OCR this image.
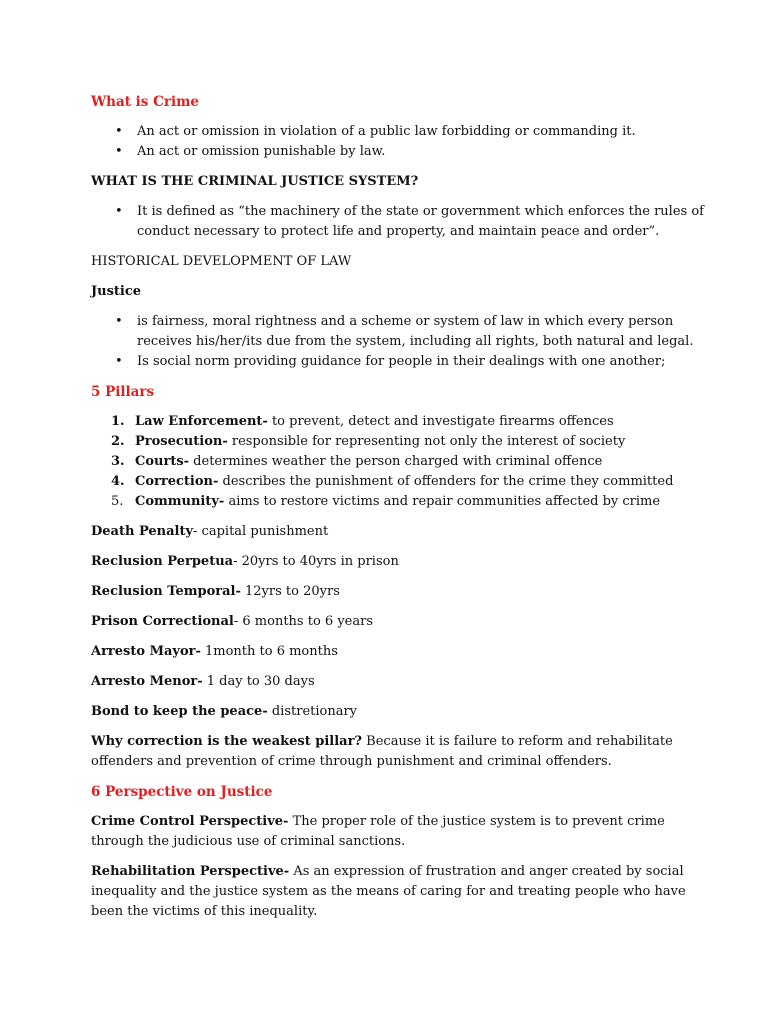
What is Crime
• An act or omission in violation of a public law forbidding or commanding it.
• An act or omission punishable by law.
WHAT IS THE CRIMINAL JUSTICE SYSTEM?
• It is defined as “the machinery of the state or government which enforces the rules of conduct necessary to protect life and property, and maintain peace and order”.
HISTORICAL DEVELOPMENT OF LAW
Justice
• is fairness, moral rightness and a scheme or system of law in which every person receives his/her/its due from the system, including all rights, both natural and legal.
• Is social norm providing guidance for people in their dealings with one another;
5 Pillars
1. Law Enforcement- to prevent, detect and investigate firearms offences
2. Prosecution- responsible for representing not only the interest of society
3. Courts- determines weather the person charged with criminal offence
4. Correction- describes the punishment of offenders for the crime they committed
5. Community- aims to restore victims and repair communities affected by crime
Death Penalty- capital punishment
Reclusion Perpetua- 20yrs to 40yrs in prison
Reclusion Temporal- 12yrs to 20yrs
Prison Correctional- 6 months to 6 years
Arresto Mayor- 1month to 6 months
Arresto Menor- 1 day to 30 days
Bond to keep the peace- distretionary
Why correction is the weakest pillar? Because it is failure to reform and rehabilitate offenders and prevention of crime through punishment and criminal offenders.
6 Perspective on Justice
Crime Control Perspective- The proper role of the justice system is to prevent crime through the judicious use of criminal sanctions.
Rehabilitation Perspective- As an expression of frustration and anger created by social inequality and the justice system as the means of caring for and treating people who have been the victims of this inequality.
